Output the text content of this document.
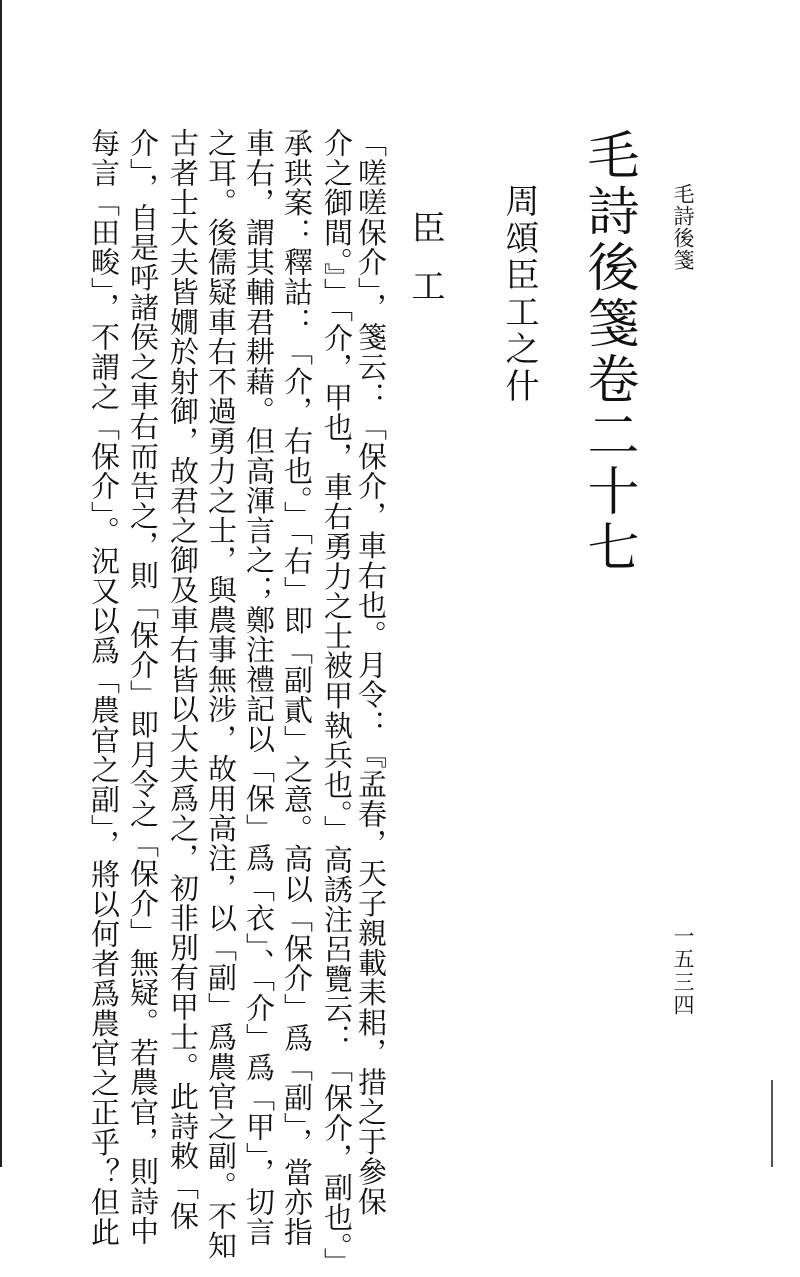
毛詩後箋
一五三四
毛詩後箋卷二十七
周頌臣工之什
臣工
「嗟嗟保介」，箋云：「保介，車右也。月令：『孟春，天子親載耒耜，措之于參保
介之御間。』」「介，甲也，車右勇力之士被甲執兵也。」高誘注呂覽云：「保介，副也。」
承珙案：釋詁：「介，右也。」「右」即「副貳」之意。高以「保介」爲「副」，當亦指
車右，謂其輔君耕藉。但高渾言之；鄭注禮記以「保」爲「衣」、「介」爲「甲」，切言
之耳。後儒疑車右不過勇力之士，與農事無涉，故用高注，以「副」爲農官之副。不知
古者士大夫皆嫺於射御，故君之御及車右皆以大夫爲之，初非別有甲士。此詩敕「保
介」，自是呼諸侯之車右而告之，則「保介」即月令之「保介」無疑。若農官，則詩中
每言「田畯」，不謂之「保介」。況又以爲「農官之副」，將以何者爲農官之正乎？但此
